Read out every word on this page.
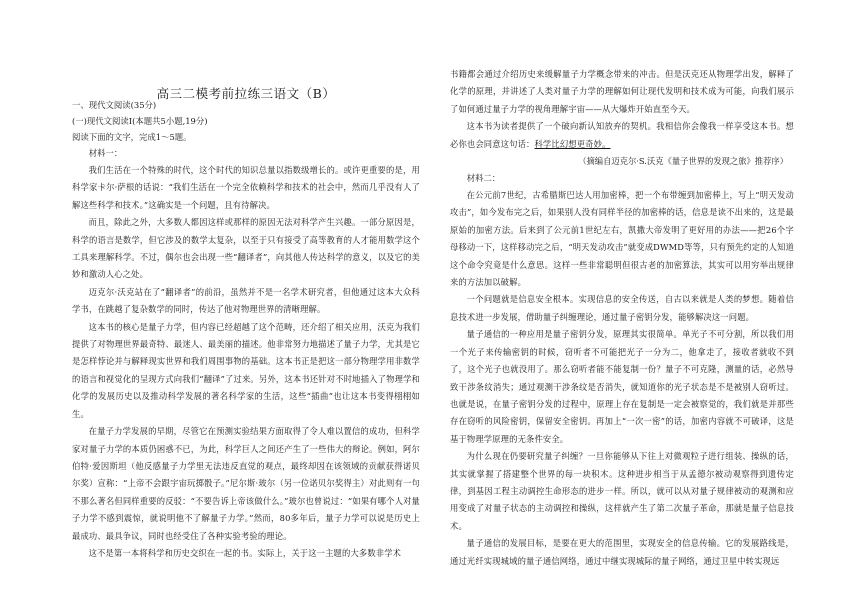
高三二模考前拉练三语文（B）

一、现代文阅读(35分)

(一)现代文阅读Ⅰ(本题共5小题,19分)

阅读下面的文字，完成1～5题。

材料一：

我们生活在一个特殊的时代，这个时代的知识总量以指数级增长的。或许更重要的是，用科学家卡尔·萨根的话说：“我们生活在一个完全依赖科学和技术的社会中，然而几乎没有人了解这些科学和技术。”这确实是一个问题，且有待解决。

而且，除此之外，大多数人都因这样或那样的原因无法对科学产生兴趣。一部分原因是，科学的语言是数学，但它涉及的数学太复杂，以至于只有接受了高等教育的人才能用数学这个工具来理解科学。不过，偶尔也会出现一些“翻译者”，向其他人传达科学的意义，以及它的美妙和激动人心之处。

迈克尔·沃克站在了“翻译者”的前沿，虽然并不是一名学术研究者，但他通过这本大众科学书，在跳越了复杂数学的同时，传达了他对物理世界的清晰理解。

这本书的核心是量子力学，但内容已经超越了这个范畴，还介绍了相关应用，沃克为我们提供了对物理世界最奇特、最迷人、最美丽的描述。他非常努力地描述了量子力学，尤其是它是怎样悖论并与解释现实世界和我们周围事物的基础。这本书正是把这一部分物理学用非数学的语言和视觉化的呈现方式向我们“翻译”了过来。另外，这本书还针对不时地插入了物理学和化学的发展历史以及推动科学发展的著名科学家的生活，这些“插曲”也让这本书变得栩栩如生。

在量子力学发展的早期，尽管它在预测实验结果方面取得了令人难以置信的成功，但科学家对量子力学的本质仍困惑不已，为此，科学巨人之间还产生了一些伟大的辩论。例如，阿尔伯特·爱因斯坦（他反感量子力学里无法违反直觉的观点，最终却因在该领域的贡献获得诺贝尔奖）宣称：“上帝不会跟宇宙玩掷骰子。”尼尔斯·玻尔（另一位诺贝尔奖得主）对此则有一句不那么著名但同样重要的反驳：“不要告诉上帝该做什么。”玻尔也曾说过：“如果有哪个人对量子力学不感到震惊，就说明他不了解量子力学。”然而，80多年后，量子力学可以说是历史上最成功、最具争议，同时也经受住了各种实验考验的理论。

这不是第一本将科学和历史交织在一起的书。实际上，关于这一主题的大多数非学术

书籍都会通过介绍历史来缓解量子力学概念带来的冲击。但是沃克还从物理学出发，解释了化学的原理，并讲述了人类对量子力学的理解如何让现代发明和技术成为可能，向我们展示了如何通过量子力学的视角理解宇宙——从大爆炸开始直至今天。

这本书为读者提供了一个破向新认知放弃的契机。我相信你会像我一样享受这本书。想必你也会同意这句话：科学比幻想更奇妙。

（摘编自迈克尔·S.沃克《量子世界的发现之旅》推荐序）

材料二：

在公元前7世纪，古希腊斯巴达人用加密棒，把一个布带缠到加密棒上，写上“明天发动攻击”，如今发布完之后，如果别人没有同样半径的加密棒的话，信息是读不出来的，这是最原始的加密方法。后来到了公元前1世纪左右，凯撒大帝发明了更好用的办法——把26个字母移动一下，这样移动完之后，“明天发动攻击”就变成DWMD等等，只有预先约定的人知道这个命令究竟是什么意思。这样一些非常聪明但很古老的加密算法，其实可以用穷举出规律来的方法加以破解。

一个问题就是信息安全根本。实现信息的安全传送，自古以来就是人类的梦想。随着信息技术进一步发展，借助量子纠缠理论，通过量子密钥分发，能够解决这一问题。

量子通信的一种应用是量子密钥分发，原理其实很简单。单光子不可分割，所以我们用一个光子来传输密钥的时候，窃听者不可能把光子一分为二，他拿走了，接收者就收不到了，这个光子也就没用了。那么窃听者能不能复制一份？量子不可克隆，测量的话，必然导致干涉条纹消失；通过观测干涉条纹是否消失，就知道你的光子状态是不是被别人窃听过。也就是说，在量子密钥分发的过程中，原理上存在复制是一定会被察觉的，我们就是并那些存在窃听的风险密钥，保留安全密钥。再加上“一次一密”的话，加密内容就不可破译，这是基于物理学原理的无条件安全。

为什么现在仍要研究量子纠缠？一旦你能够从下往上对微观粒子进行组装、操纵的话，其实就掌握了搭建整个世界的每一块积木。这种进步相当于从孟德尔被动观察得到遗传定律，到基因工程主动调控生命形态的进步一样。所以，就可以从对量子规律被动的观测和应用变成了对量子状态的主动调控和操纵，这样就产生了第二次量子革命，那就是量子信息技术。

量子通信的发展目标，是要在更大的范围里，实现安全的信息传输。它的发展路线是，通过光纤实现城域的量子通信网络，通过中继实现城际的量子网络，通过卫星中转实现远
